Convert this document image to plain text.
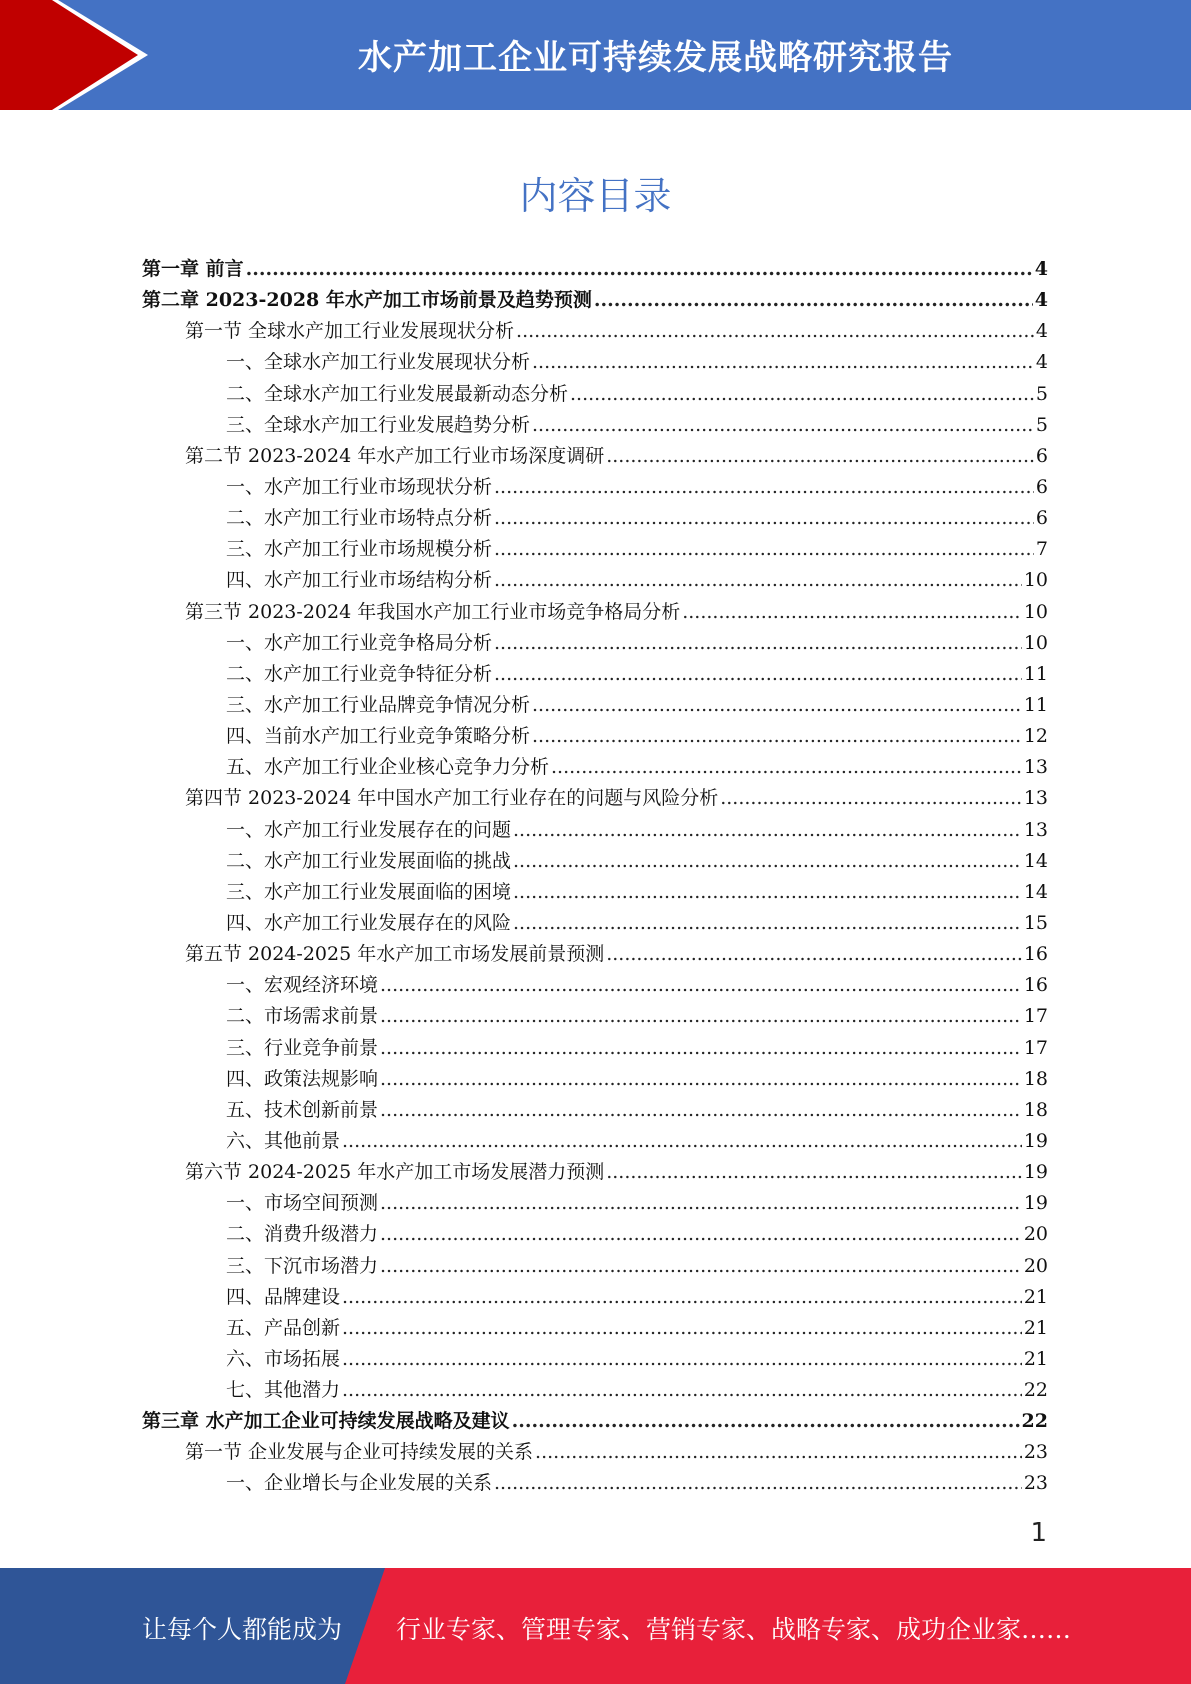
水产加工企业可持续发展战略研究报告
内容目录
第一章 前言 .....	4
第二章 2023-2028 年水产加工市场前景及趋势预测 .....	4
第一节 全球水产加工行业发展现状分析 .....	4
一、全球水产加工行业发展现状分析 .....	4
二、全球水产加工行业发展最新动态分析 .....	5
三、全球水产加工行业发展趋势分析 .....	5
第二节 2023-2024 年水产加工行业市场深度调研 .....	6
一、水产加工行业市场现状分析 .....	6
二、水产加工行业市场特点分析 .....	6
三、水产加工行业市场规模分析 .....	7
四、水产加工行业市场结构分析 .....	10
第三节 2023-2024 年我国水产加工行业市场竞争格局分析 .....	10
一、水产加工行业竞争格局分析 .....	10
二、水产加工行业竞争特征分析 .....	11
三、水产加工行业品牌竞争情况分析 .....	11
四、当前水产加工行业竞争策略分析 .....	12
五、水产加工行业企业核心竞争力分析 .....	13
第四节 2023-2024 年中国水产加工行业存在的问题与风险分析 .....	13
一、水产加工行业发展存在的问题 .....	13
二、水产加工行业发展面临的挑战 .....	14
三、水产加工行业发展面临的困境 .....	14
四、水产加工行业发展存在的风险 .....	15
第五节 2024-2025 年水产加工市场发展前景预测 .....	16
一、宏观经济环境 .....	16
二、市场需求前景 .....	17
三、行业竞争前景 .....	17
四、政策法规影响 .....	18
五、技术创新前景 .....	18
六、其他前景 .....	19
第六节 2024-2025 年水产加工市场发展潜力预测 .....	19
一、市场空间预测 .....	19
二、消费升级潜力 .....	20
三、下沉市场潜力 .....	20
四、品牌建设 .....	21
五、产品创新 .....	21
六、市场拓展 .....	21
七、其他潜力 .....	22
第三章 水产加工企业可持续发展战略及建议 .....	22
第一节 企业发展与企业可持续发展的关系 .....	23
一、企业增长与企业发展的关系 .....	23
1
让每个人都能成为 行业专家、管理专家、营销专家、战略专家、成功企业家……
